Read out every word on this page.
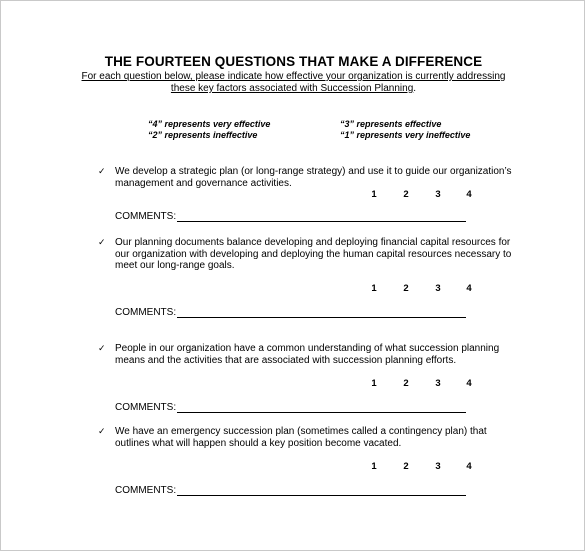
THE FOURTEEN QUESTIONS THAT MAKE A DIFFERENCE
For each question below, please indicate how effective your organization is currently addressing
these key factors associated with Succession Planning.
“4” represents very effective
“2” represents ineffective
“3” represents effective
“1” represents very ineffective
✓ We develop a strategic plan (or long-range strategy) and use it to guide our organization’s
management and governance activities.
1	2	3	4
COMMENTS:
✓ Our planning documents balance developing and deploying financial capital resources for
our organization with developing and deploying the human capital resources necessary to
meet our long-range goals.
1	2	3	4
COMMENTS:
✓ People in our organization have a common understanding of what succession planning
means and the activities that are associated with succession planning efforts.
1	2	3	4
COMMENTS:
✓ We have an emergency succession plan (sometimes called a contingency plan) that
outlines what will happen should a key position become vacated.
1	2	3	4
COMMENTS:
